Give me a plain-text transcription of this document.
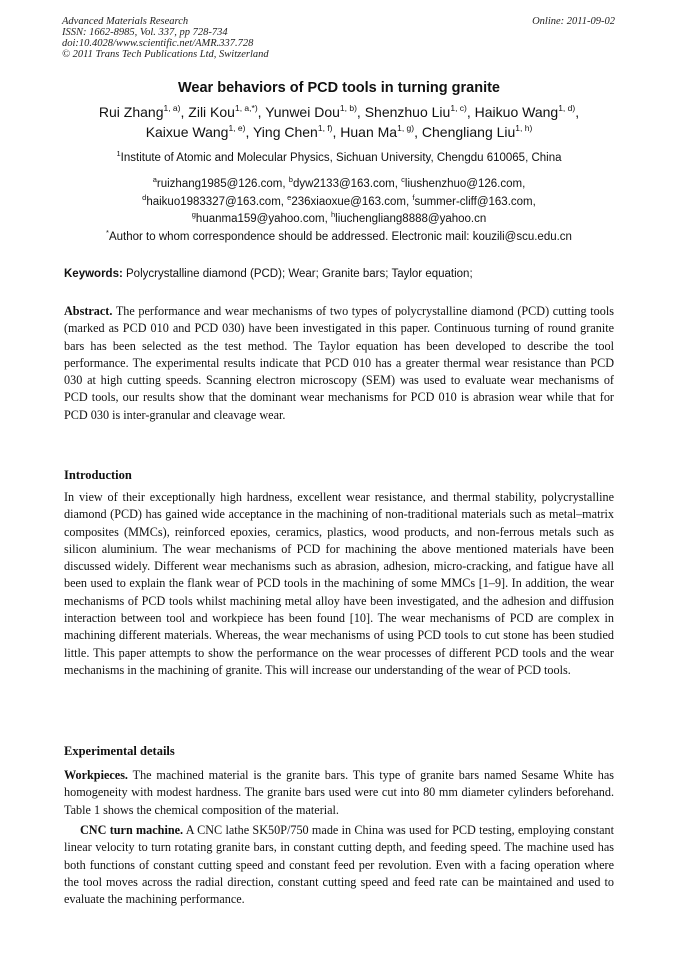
Advanced Materials Research
ISSN: 1662-8985, Vol. 337, pp 728-734
doi:10.4028/www.scientific.net/AMR.337.728
© 2011 Trans Tech Publications Ltd, Switzerland
Online: 2011-09-02
Wear behaviors of PCD tools in turning granite
Rui Zhang$^{1, a)}$, Zili Kou$^{1, a,*)}$, Yunwei Dou$^{1, b)}$, Shenzhuo Liu$^{1, c)}$, Haikuo Wang$^{1, d)}$,
Kaixue Wang$^{1, e)}$, Ying Chen$^{1, f)}$, Huan Ma$^{1, g)}$, Chengliang Liu$^{1, h)}$
$^1$Institute of Atomic and Molecular Physics, Sichuan University, Chengdu 610065, China
$^a$ruizhang1985@126.com, $^b$dyw2133@163.com, $^c$liushenzhuo@126.com,
$^d$haikuo1983327@163.com, $^e$236xiaoxue@163.com, $^f$summer-cliff@163.com,
$^g$huanma159@yahoo.com, $^h$liuchengliang8888@yahoo.cn
*Author to whom correspondence should be addressed. Electronic mail: kouzili@scu.edu.cn
Keywords: Polycrystalline diamond (PCD); Wear; Granite bars; Taylor equation;
Abstract. The performance and wear mechanisms of two types of polycrystalline diamond (PCD) cutting tools (marked as PCD 010 and PCD 030) have been investigated in this paper. Continuous turning of round granite bars has been selected as the test method. The Taylor equation has been developed to describe the tool performance. The experimental results indicate that PCD 010 has a greater thermal wear resistance than PCD 030 at high cutting speeds. Scanning electron microscopy (SEM) was used to evaluate wear mechanisms of PCD tools, our results show that the dominant wear mechanisms for PCD 010 is abrasion wear while that for PCD 030 is inter-granular and cleavage wear.
Introduction
In view of their exceptionally high hardness, excellent wear resistance, and thermal stability, polycrystalline diamond (PCD) has gained wide acceptance in the machining of non-traditional materials such as metal–matrix composites (MMCs), reinforced epoxies, ceramics, plastics, wood products, and non-ferrous metals such as silicon aluminium. The wear mechanisms of PCD for machining the above mentioned materials have been discussed widely. Different wear mechanisms such as abrasion, adhesion, micro-cracking, and fatigue have all been used to explain the flank wear of PCD tools in the machining of some MMCs [1–9]. In addition, the wear mechanisms of PCD tools whilst machining metal alloy have been investigated, and the adhesion and diffusion interaction between tool and workpiece has been found [10]. The wear mechanisms of PCD are complex in machining different materials. Whereas, the wear mechanisms of using PCD tools to cut stone has been studied little. This paper attempts to show the performance on the wear processes of different PCD tools and the wear mechanisms in the machining of granite. This will increase our understanding of the wear of PCD tools.
Experimental details
Workpieces. The machined material is the granite bars. This type of granite bars named Sesame White has homogeneity with modest hardness. The granite bars used were cut into 80 mm diameter cylinders beforehand. Table 1 shows the chemical composition of the material.
CNC turn machine. A CNC lathe SK50P/750 made in China was used for PCD testing, employing constant linear velocity to turn rotating granite bars, in constant cutting depth, and feeding speed. The machine used has both functions of constant cutting speed and constant feed per revolution. Even with a facing operation where the tool moves across the radial direction, constant cutting speed and feed rate can be maintained and used to evaluate the machining performance.
